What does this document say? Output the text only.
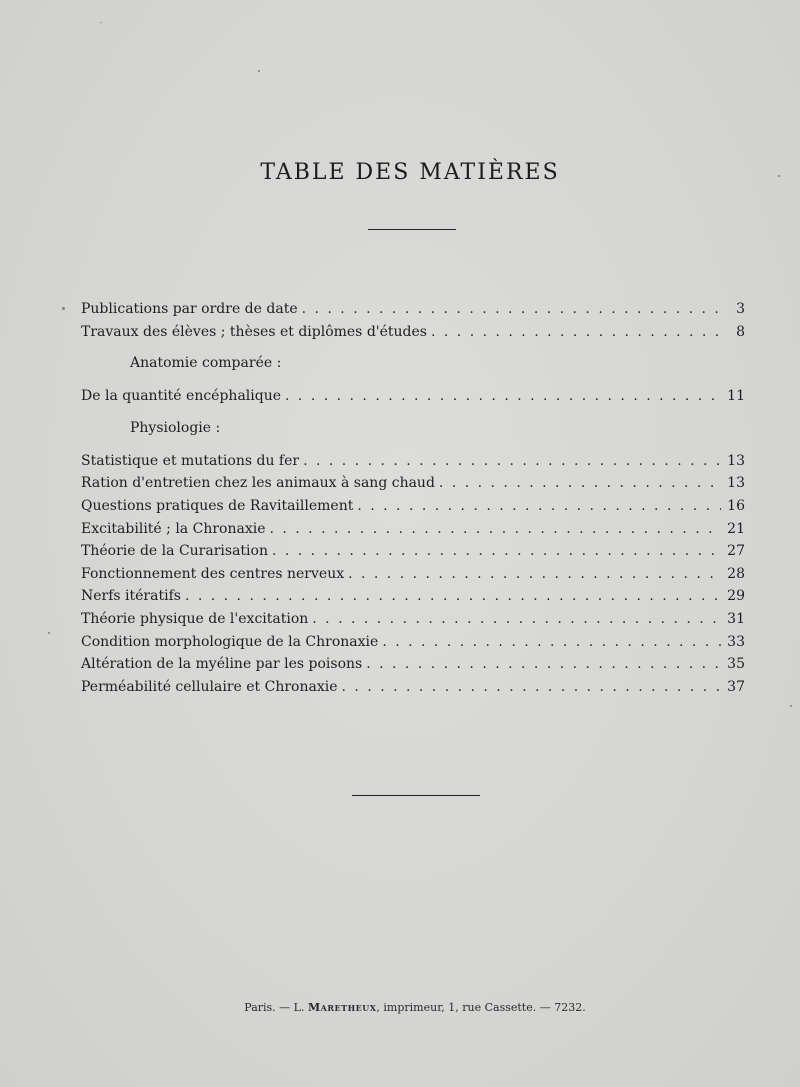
TABLE DES MATIÈRES
Publications par ordre de date . . .	3
Travaux des élèves ; thèses et diplômes d'études . . .	8
Anatomie comparée :
De la quantité encéphalique . . .	11
Physiologie :
Statistique et mutations du fer . . .	13
Ration d'entretien chez les animaux à sang chaud . . .	13
Questions pratiques de Ravitaillement . . .	16
Excitabilité ; la Chronaxie . . .	21
Théorie de la Curarisation . . .	27
Fonctionnement des centres nerveux . . .	28
Nerfs itératifs . . .	29
Théorie physique de l'excitation . . .	31
Condition morphologique de la Chronaxie . . .	33
Altération de la myéline par les poisons . . .	35
Perméabilité cellulaire et Chronaxie . . .	37
Paris. — L. Maretheux, imprimeur, 1, rue Cassette. — 7232.
